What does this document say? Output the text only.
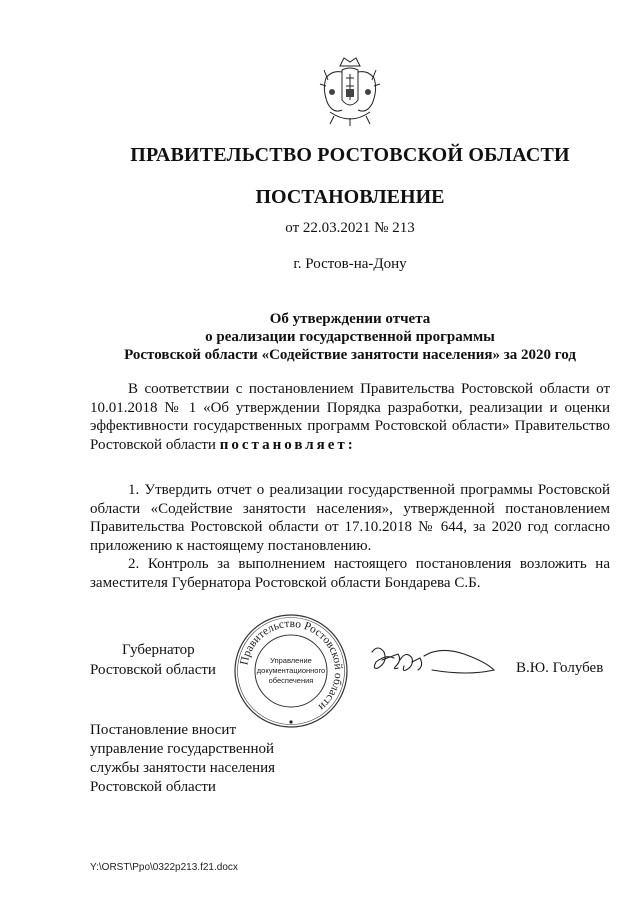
ПРАВИТЕЛЬСТВО РОСТОВСКОЙ ОБЛАСТИ
ПОСТАНОВЛЕНИЕ
от 22.03.2021 № 213
г. Ростов-на-Дону
Об утверждении отчета
о реализации государственной программы
Ростовской области «Содействие занятости населения» за 2020 год

В соответствии с постановлением Правительства Ростовской области от 10.01.2018 № 1 «Об утверждении Порядка разработки, реализации и оценки эффективности государственных программ Ростовской области» Правительство Ростовской области постановляет:

1. Утвердить отчет о реализации государственной программы Ростовской области «Содействие занятости населения», утвержденной постановлением Правительства Ростовской области от 17.10.2018 № 644, за 2020 год согласно приложению к настоящему постановлению.

2. Контроль за выполнением настоящего постановления возложить на заместителя Губернатора Ростовской области Бондарева С.Б.

Губернатор
Ростовской области
Правительство Ростовской области
Управление
документационного
обеспечения
В.Ю. Голубев
Постановление вносит
управление государственной
службы занятости населения
Ростовской области
Y:\ORST\Ppo\0322p213.f21.docx
